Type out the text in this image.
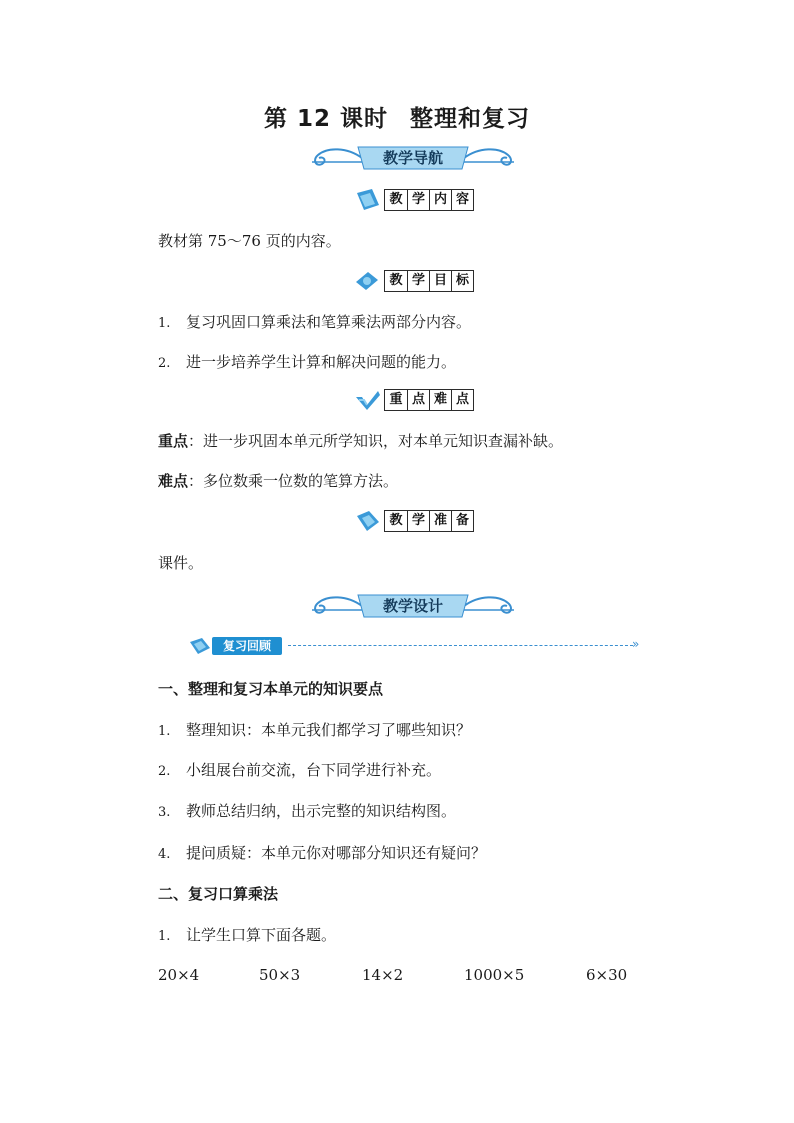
第 12 课时 整理和复习
教学导航
教 学 内 容
教材第 75～76 页的内容。
教 学 目 标
1. 复习巩固口算乘法和笔算乘法两部分内容。
2. 进一步培养学生计算和解决问题的能力。
重 点 难 点
重点：进一步巩固本单元所学知识，对本单元知识查漏补缺。
难点：多位数乘一位数的笔算方法。
教 学 准 备
课件。
教学设计
复习回顾	»
一、整理和复习本单元的知识要点
1. 整理知识：本单元我们都学习了哪些知识？
2. 小组展台前交流，台下同学进行补充。
3. 教师总结归纳，出示完整的知识结构图。
4. 提问质疑：本单元你对哪部分知识还有疑问？
二、复习口算乘法
1. 让学生口算下面各题。
20×4	50×3	14×2	1000×5	6×30
